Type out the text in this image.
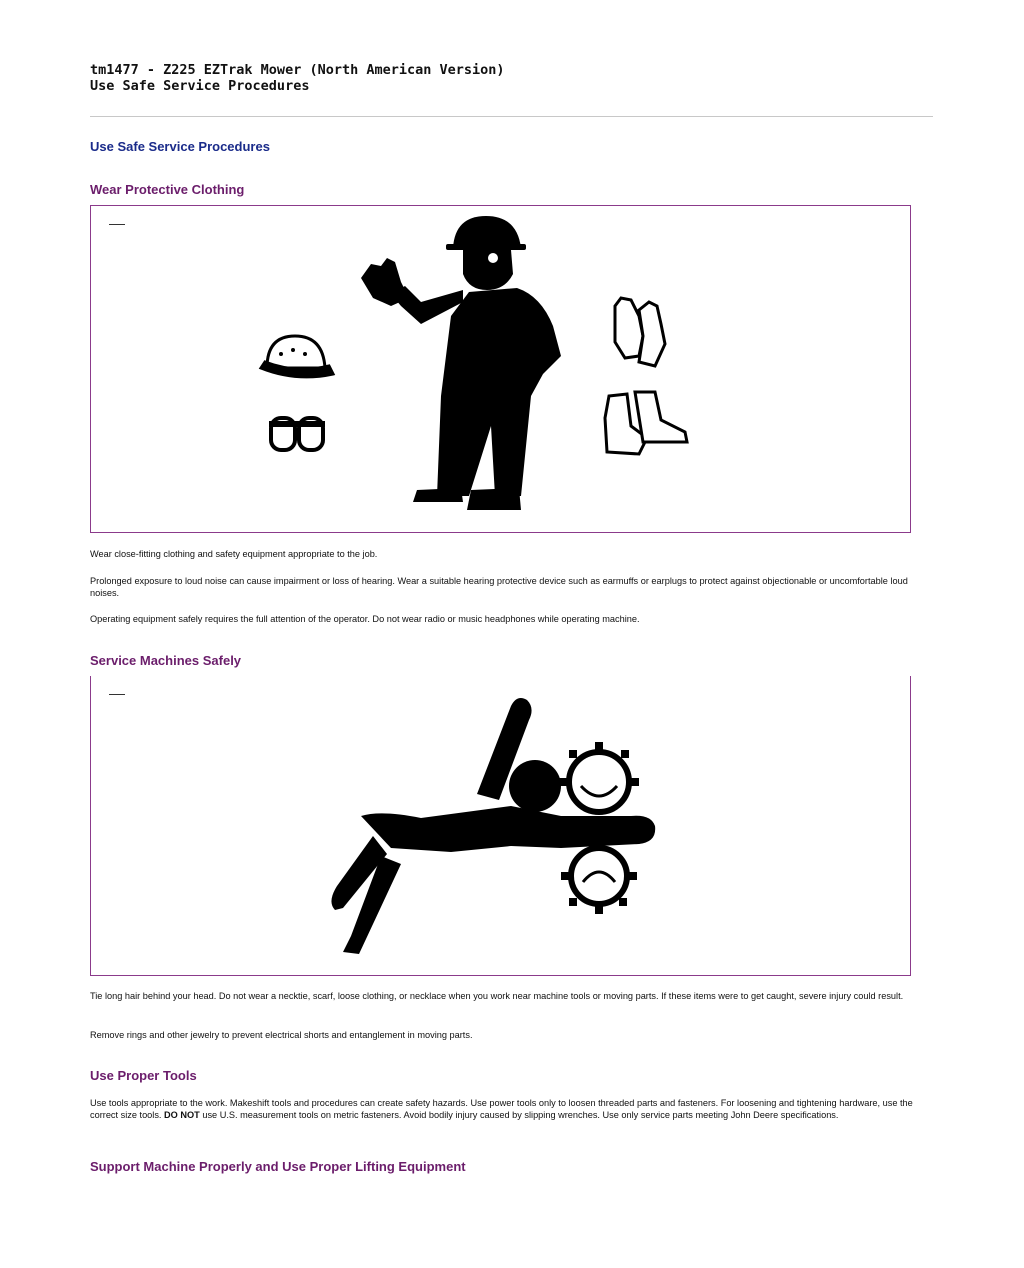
tm1477 - Z225 EZTrak Mower (North American Version)
Use Safe Service Procedures
Use Safe Service Procedures
Wear Protective Clothing
Wear close-fitting clothing and safety equipment appropriate to the job.
Prolonged exposure to loud noise can cause impairment or loss of hearing. Wear a suitable hearing protective device such as earmuffs or earplugs to protect against objectionable or uncomfortable loud noises.
Operating equipment safely requires the full attention of the operator. Do not wear radio or music headphones while operating machine.
Service Machines Safely
Tie long hair behind your head. Do not wear a necktie, scarf, loose clothing, or necklace when you work near machine tools or moving parts. If these items were to get caught, severe injury could result.
Remove rings and other jewelry to prevent electrical shorts and entanglement in moving parts.
Use Proper Tools
Use tools appropriate to the work. Makeshift tools and procedures can create safety hazards. Use power tools only to loosen threaded parts and fasteners. For loosening and tightening hardware, use the correct size tools. DO NOT use U.S. measurement tools on metric fasteners. Avoid bodily injury caused by slipping wrenches. Use only service parts meeting John Deere specifications.
Support Machine Properly and Use Proper Lifting Equipment
